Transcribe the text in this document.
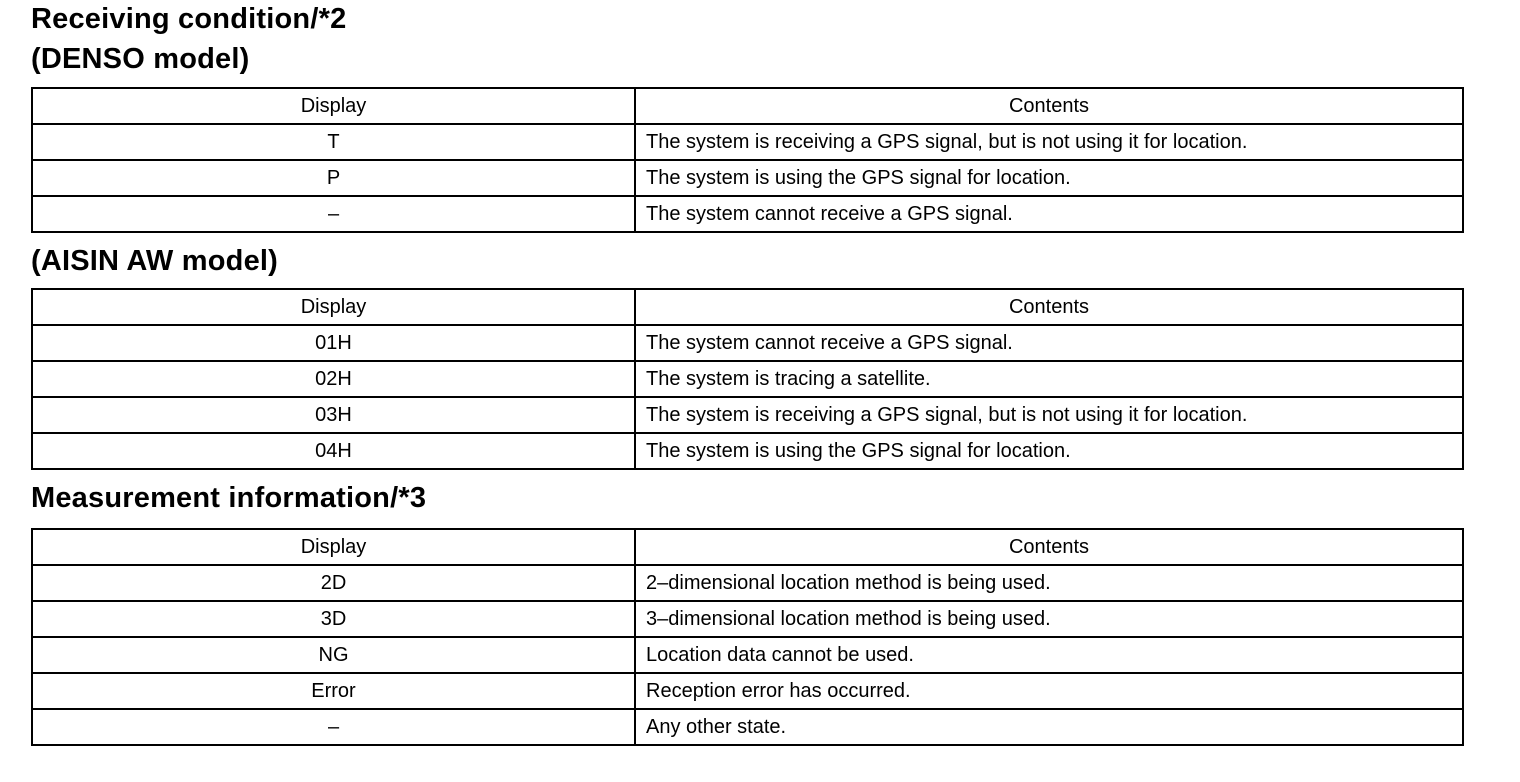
Receiving condition/*2
(DENSO model)
Display	Contents
T	The system is receiving a GPS signal, but is not using it for location.
P	The system is using the GPS signal for location.
–	The system cannot receive a GPS signal.
(AISIN AW model)
Display	Contents
01H	The system cannot receive a GPS signal.
02H	The system is tracing a satellite.
03H	The system is receiving a GPS signal, but is not using it for location.
04H	The system is using the GPS signal for location.
Measurement information/*3
Display	Contents
2D	2–dimensional location method is being used.
3D	3–dimensional location method is being used.
NG	Location data cannot be used.
Error	Reception error has occurred.
–	Any other state.
